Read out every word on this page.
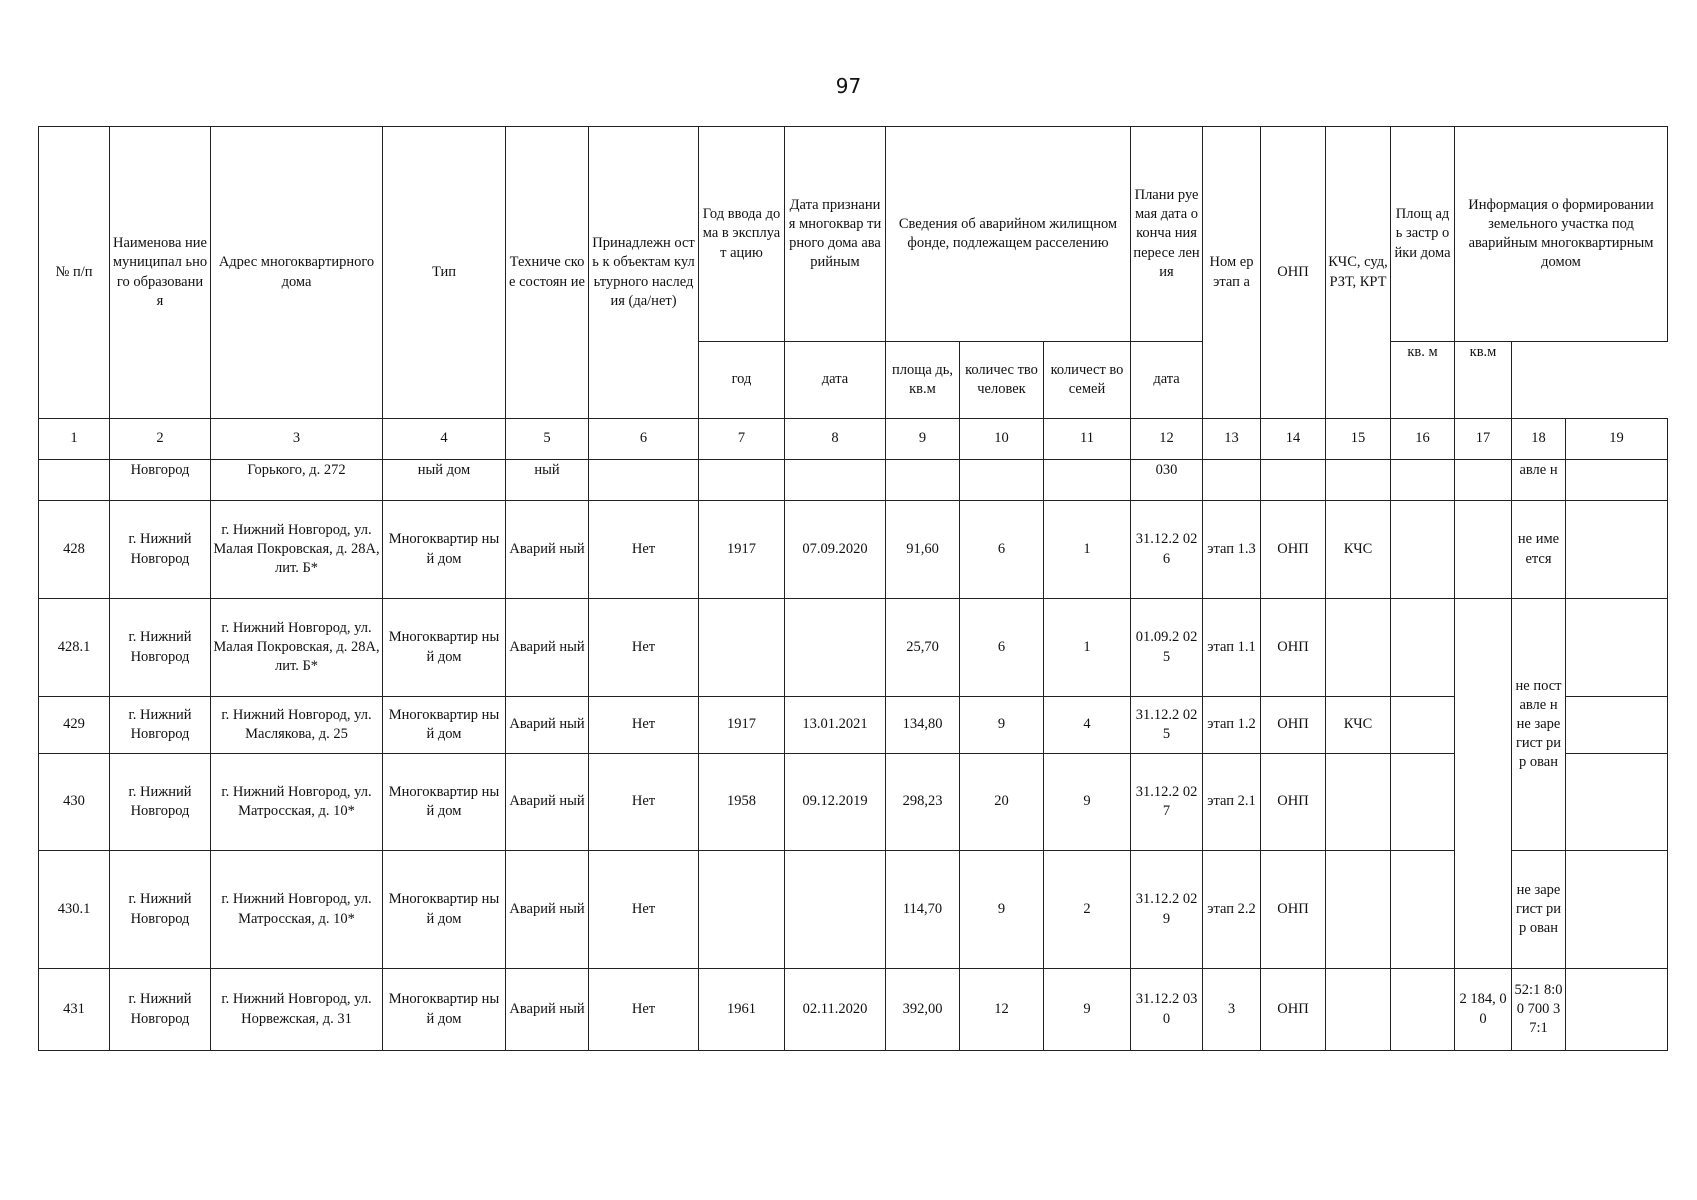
97
№ п/п	Наименова ние муниципал ьного образовани я	Адрес многоквартирного дома	Тип	Техниче ское состоян ие	Принадлежн ость к объектам культурного наследия (да/нет)	Год ввода дома в эксплуат ацию	Дата признания многоквар тирного дома аварийным	Сведения об аварийном жилищном фонде, подлежащем расселению			Плани руемая дата оконча ния пересе ления	Ном ер этап а	ОНП	КЧС, суд, РЗТ, КРТ	Площ адь застр ойки дома	Информация о формировании земельного участка под аварийным многоквартирным домом		
						год	дата	площа дь, кв.м	количес тво человек	количест во семей	дата				кв. м	кв.м		
1	2	3	4	5	6	7	8	9	10	11	12	13	14	15	16	17	18	19
	Новгород	Горького, д. 272	ный дом	ный							030						авле н	
428	г. Нижний Новгород	г. Нижний Новгород, ул. Малая Покровская, д. 28А, лит. Б*	Многоквартир ный дом	Аварий ный	Нет	1917	07.09.2020	91,60	6	1	31.12.2 026	этап 1.3	ОНП	КЧС			не име ется	
428.1	г. Нижний Новгород	г. Нижний Новгород, ул. Малая Покровская, д. 28А, лит. Б*	Многоквартир ный дом	Аварий ный	Нет			25,70	6	1	01.09.2 025	этап 1.1	ОНП				не пост авле н не заре гист рир ован	
429	г. Нижний Новгород	г. Нижний Новгород, ул. Маслякова, д. 25	Многоквартир ный дом	Аварий ный	Нет	1917	13.01.2021	134,80	9	4	31.12.2 025	этап 1.2	ОНП	КЧС				
430	г. Нижний Новгород	г. Нижний Новгород, ул. Матросская, д. 10*	Многоквартир ный дом	Аварий ный	Нет	1958	09.12.2019	298,23	20	9	31.12.2 027	этап 2.1	ОНП					
430.1	г. Нижний Новгород	г. Нижний Новгород, ул. Матросская, д. 10*	Многоквартир ный дом	Аварий ный	Нет			114,70	9	2	31.12.2 029	этап 2.2	ОНП				не заре гист рир ован	
431	г. Нижний Новгород	г. Нижний Новгород, ул. Норвежская, д. 31	Многоквартир ный дом	Аварий ный	Нет	1961	02.11.2020	392,00	12	9	31.12.2 030	3	ОНП			2 184, 00	52:1 8:00 700 37:1	
